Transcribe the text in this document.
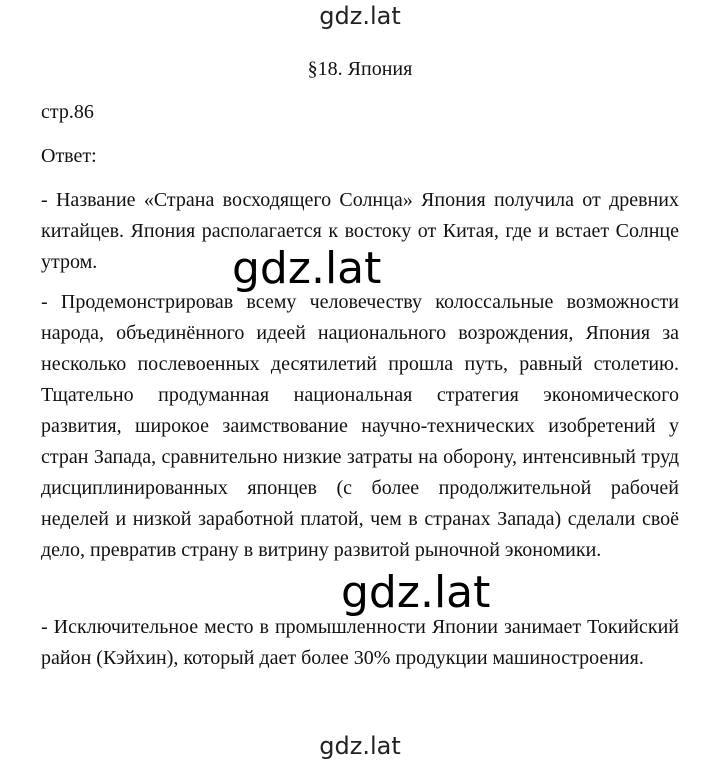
gdz.lat
§18. Япония
стр.86
Ответ:

- Название «Страна восходящего Солнца» Япония получила от древних китайцев. Япония располагается к востоку от Китая, где и встает Солнце утром.

- Продемонстрировав всему человечеству колоссальные возможности народа, объединённого идеей национального возрождения, Япония за несколько послевоенных десятилетий прошла путь, равный столетию. Тщательно продуманная национальная стратегия экономического развития, широкое заимствование научно-технических изобретений у стран Запада, сравнительно низкие затраты на оборону, интенсивный труд дисциплинированных японцев (с более продолжительной рабочей неделей и низкой заработной платой, чем в странах Запада) сделали своё дело, превратив страну в витрину развитой рыночной экономики.

- Исключительное место в промышленности Японии занимает Токийский район (Кэйхин), который дает более 30% продукции машиностроения.

gdz.lat
gdz.lat
gdz.lat
